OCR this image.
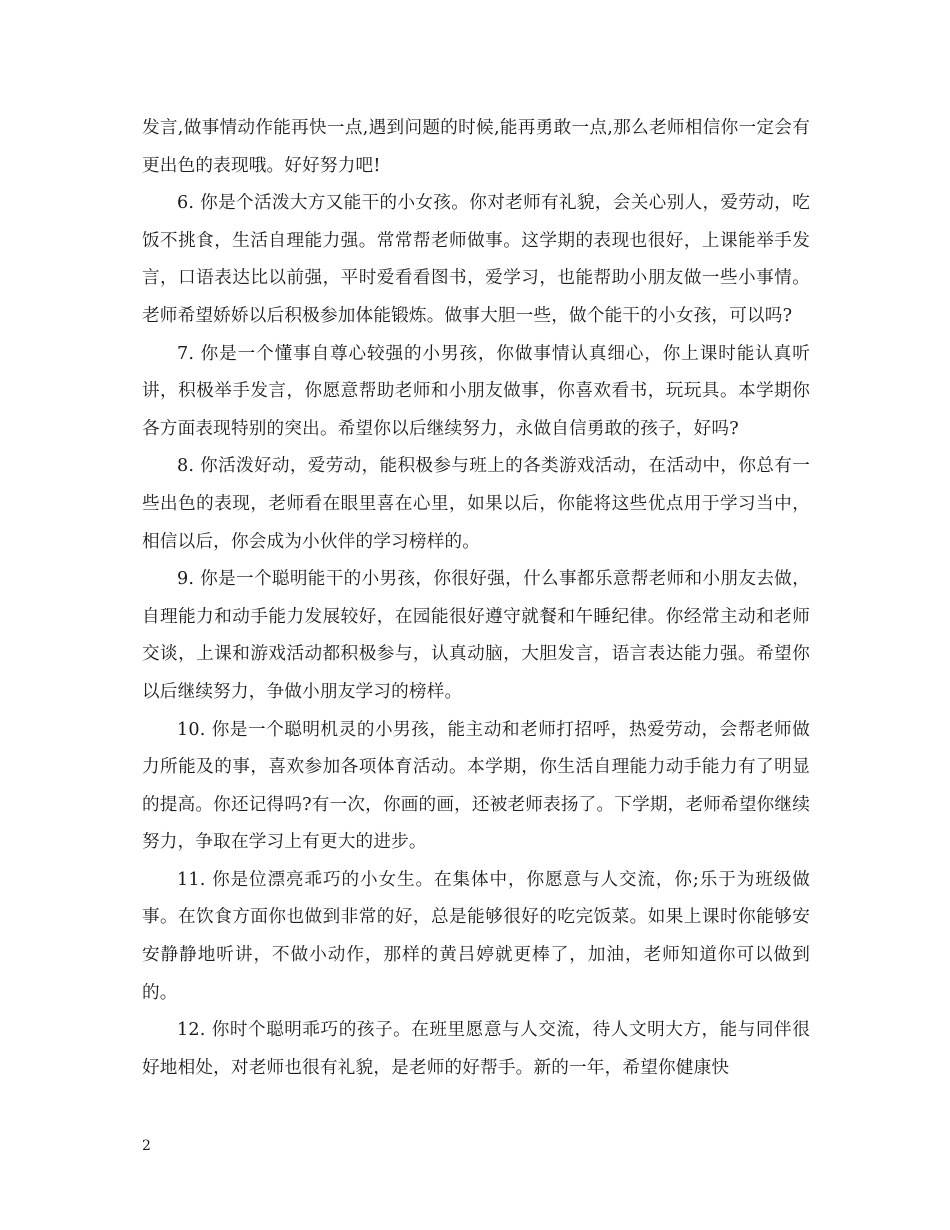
发言,做事情动作能再快一点,遇到问题的时候,能再勇敢一点,那么老师相信你一定会有更出色的表现哦。好好努力吧!

6. 你是个活泼大方又能干的小女孩。你对老师有礼貌，会关心别人，爱劳动，吃饭不挑食，生活自理能力强。常常帮老师做事。这学期的表现也很好，上课能举手发言，口语表达比以前强，平时爱看看图书，爱学习，也能帮助小朋友做一些小事情。老师希望娇娇以后积极参加体能锻炼。做事大胆一些，做个能干的小女孩，可以吗?

7. 你是一个懂事自尊心较强的小男孩，你做事情认真细心，你上课时能认真听讲，积极举手发言，你愿意帮助老师和小朋友做事，你喜欢看书，玩玩具。本学期你各方面表现特别的突出。希望你以后继续努力，永做自信勇敢的孩子，好吗?

8. 你活泼好动，爱劳动，能积极参与班上的各类游戏活动，在活动中，你总有一些出色的表现，老师看在眼里喜在心里，如果以后，你能将这些优点用于学习当中，相信以后，你会成为小伙伴的学习榜样的。

9. 你是一个聪明能干的小男孩，你很好强，什么事都乐意帮老师和小朋友去做，自理能力和动手能力发展较好，在园能很好遵守就餐和午睡纪律。你经常主动和老师交谈，上课和游戏活动都积极参与，认真动脑，大胆发言，语言表达能力强。希望你以后继续努力，争做小朋友学习的榜样。

10. 你是一个聪明机灵的小男孩，能主动和老师打招呼，热爱劳动，会帮老师做力所能及的事，喜欢参加各项体育活动。本学期，你生活自理能力动手能力有了明显的提高。你还记得吗?有一次，你画的画，还被老师表扬了。下学期，老师希望你继续努力，争取在学习上有更大的进步。

11. 你是位漂亮乖巧的小女生。在集体中，你愿意与人交流，你;乐于为班级做事。在饮食方面你也做到非常的好，总是能够很好的吃完饭菜。如果上课时你能够安安静静地听讲，不做小动作，那样的黄吕婷就更棒了，加油，老师知道你可以做到的。

12. 你时个聪明乖巧的孩子。在班里愿意与人交流，待人文明大方，能与同伴很好地相处，对老师也很有礼貌，是老师的好帮手。新的一年，希望你健康快

2
